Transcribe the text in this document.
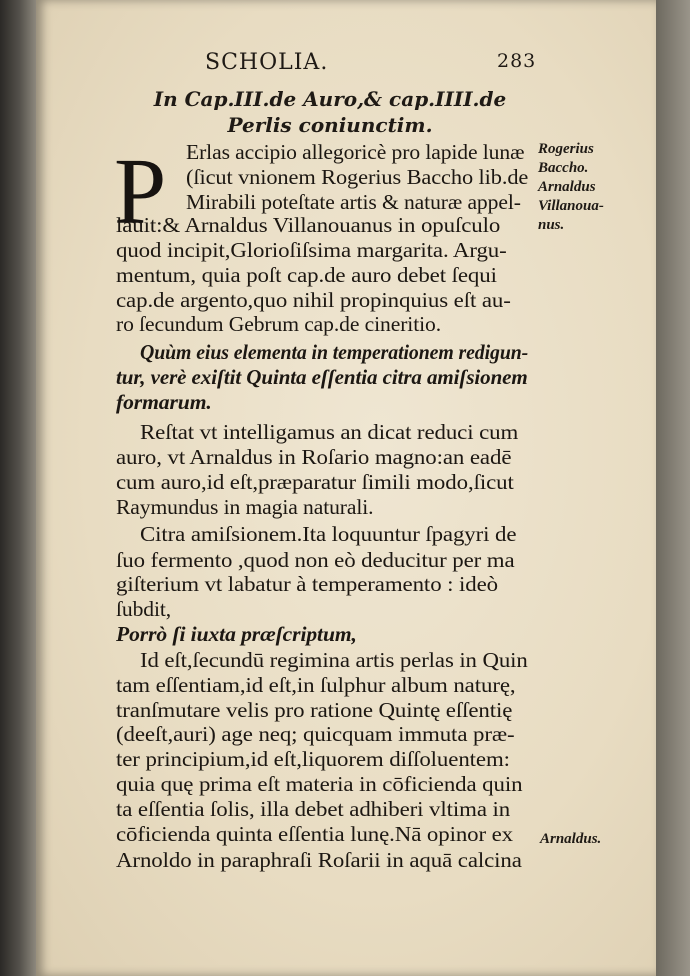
SCHOLIA.	283
In Cap.III.de Auro,& cap.IIII.de
Perlis coniunctim.
P Erlas accipio allegoricè pro lapide lunæ
(ſicut vnionem Rogerius Baccho lib.de
Mirabili poteſtate artis & naturæ appel-
lauit:& Arnaldus Villanouanus in opuſculo
quod incipit,Glorioſiſsima margarita. Argu-
mentum, quia poſt cap.de auro debet ſequi
cap.de argento,quo nihil propinquius eſt au-
ro ſecundum Gebrum cap.de cineritio.
Quùm eius elementa in temperationem redigun-
tur, verè exiſtit Quinta eſſentia citra amiſsionem
formarum.
Reſtat vt intelligamus an dicat reduci cum
auro, vt Arnaldus in Roſario magno:an eadē
cum auro,id eſt,præparatur ſimili modo,ſicut
Raymundus in magia naturali.
Citra amiſsionem.Ita loquuntur ſpagyri de
ſuo fermento ,quod non eò deducitur per ma
giſterium vt labatur à temperamento : ideò
ſubdit,
Porrò ſi iuxta præſcriptum,
Id eſt,ſecundū regimina artis perlas in Quin
tam eſſentiam,id eſt,in ſulphur album naturę,
tranſmutare velis pro ratione Quintę eſſentię
(deeſt,auri) age neq; quicquam immuta præ-
ter principium,id eſt,liquorem diſſoluentem:
quia quę prima eſt materia in cōficienda quin
ta eſſentia ſolis, illa debet adhiberi vltima in
cōficienda quinta eſſentia lunę.Nā opinor ex
Arnoldo in paraphraſi Roſarii in aquā calcina
Rogerius
Baccho.
Arnaldus
Villanoua-
nus.
Arnaldus.
